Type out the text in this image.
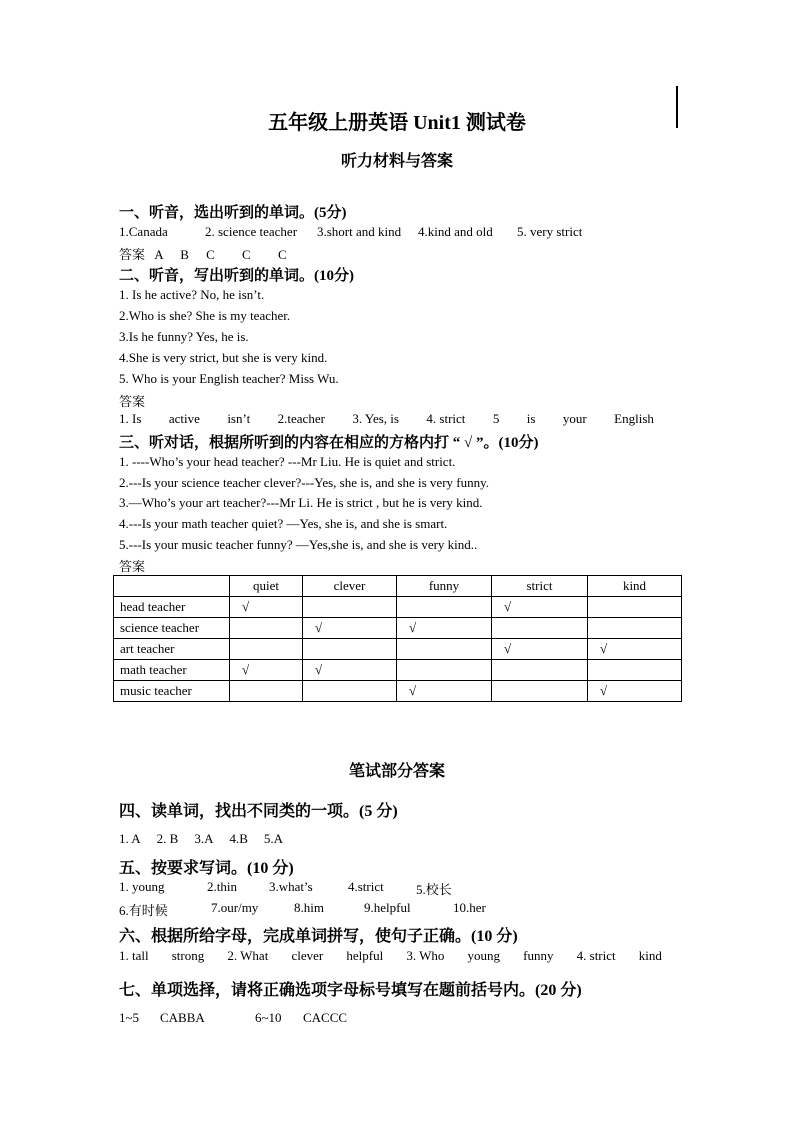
五年级上册英语 Unit1 测试卷
听力材料与答案
一、听音，选出听到的单词。(5分)
1.Canada	2. science teacher 3.short and kind 4.kind and old 5. very strict
答案 A B C C C
二、听音，写出听到的单词。(10分)
1. Is he active? No, he isn’t.
2.Who is she? She is my teacher.
3.Is he funny? Yes, he is.
4.She is very strict, but she is very kind.
5. Who is your English teacher? Miss Wu.
答案
1. Is active isn’t 2.teacher 3. Yes, is 4. strict 5 is your English
三、听对话，根据所听到的内容在相应的方格内打 “ √ ”。(10分)
1. ----Who’s your head teacher? ---Mr Liu. He is quiet and strict.
2.---Is your science teacher clever?---Yes, she is, and she is very funny.
3.—Who’s your art teacher?---Mr Li. He is strict , but he is very kind.
4.---Is your math teacher quiet? —Yes, she is, and she is smart.
5.---Is your music teacher funny? —Yes,she is, and she is very kind..
答案
	quiet	clever	funny	strict	kind
head teacher	√			√	
science teacher		√	√		
art teacher				√	√
math teacher	√	√			
music teacher			√		√
笔试部分答案
四、读单词，找出不同类的一项。(5 分)
1. A 2. B 3.A 4.B 5.A
五、按要求写词。(10 分)
1. young	2.thin 3.what’s	4.strict 5.校长
6.有时候	7.our/my	8.him	9.helpful	10.her
六、根据所给字母，完成单词拼写，使句子正确。(10 分)
1. tall strong 2. What clever helpful 3. Who young funny 4. strict kind
七、单项选择，请将正确选项字母标号填写在题前括号内。(20 分)
1~5 CABBA	6~10 CACCC
